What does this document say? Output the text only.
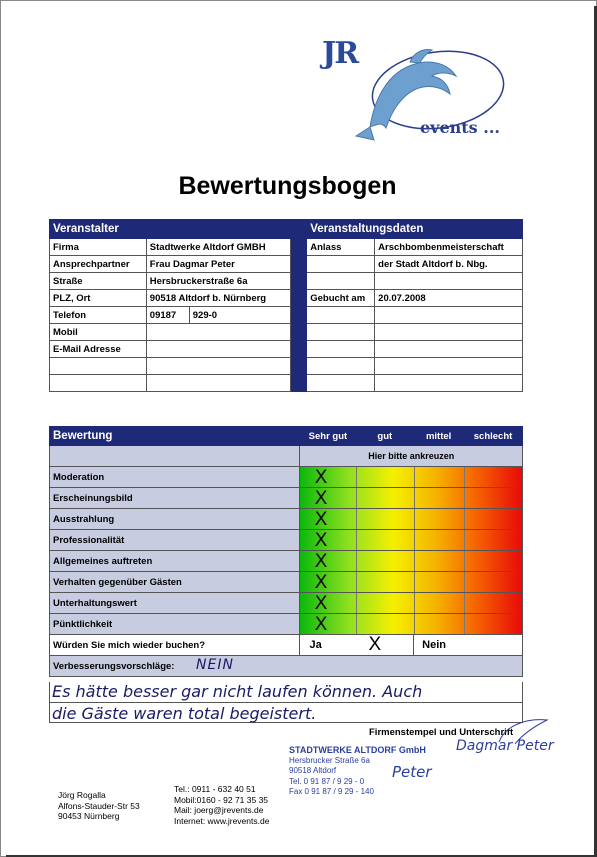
JR
events ...
Bewertungsbogen
Veranstalter				Veranstaltungsdaten	
Firma	Stadtwerke Altdorf GMBH			Anlass	Arschbombenmeisterschaft
Ansprechpartner	Frau Dagmar Peter				der Stadt Altdorf b. Nbg.
Straße	Hersbruckerstraße 6a				
PLZ, Ort	90518 Altdorf b. Nürnberg			Gebucht am	20.07.2008
Telefon	09187	929-0			
Mobil					
E-Mail Adresse					

Bewertung	Sehr gut	gut	mittel	schlecht
	Hier bitte ankreuzen			
Moderation	X			

Erscheinungsbild	X			

Ausstrahlung	X			

Professionalität	X			

Allgemeines auftreten	X			

Verhalten gegenüber Gästen	X			

Unterhaltungswert	X			

Pünktlichkeit	X			

Würden Sie mich wieder buchen?	Ja X		Nein	
Verbesserungsvorschläge: NEIN				
Es hätte besser gar nicht laufen können. Auch
die Gäste waren total begeistert.
Firmenstempel und Unterschrift
STADTWERKE ALTDORF GmbH
Hersbrucker Straße 6a
90518 Altdorf
Tel. 0 91 87 / 9 29 - 0
Fax 0 91 87 / 9 29 - 140
Dagmar Peter
Peter
Jörg Rogalla
Alfons-Stauder-Str 53
90453 Nürnberg
Tel.: 0911 - 632 40 51
Mobil:0160 - 92 71 35 35
Mail: joerg@jrevents.de
Internet: www.jrevents.de
